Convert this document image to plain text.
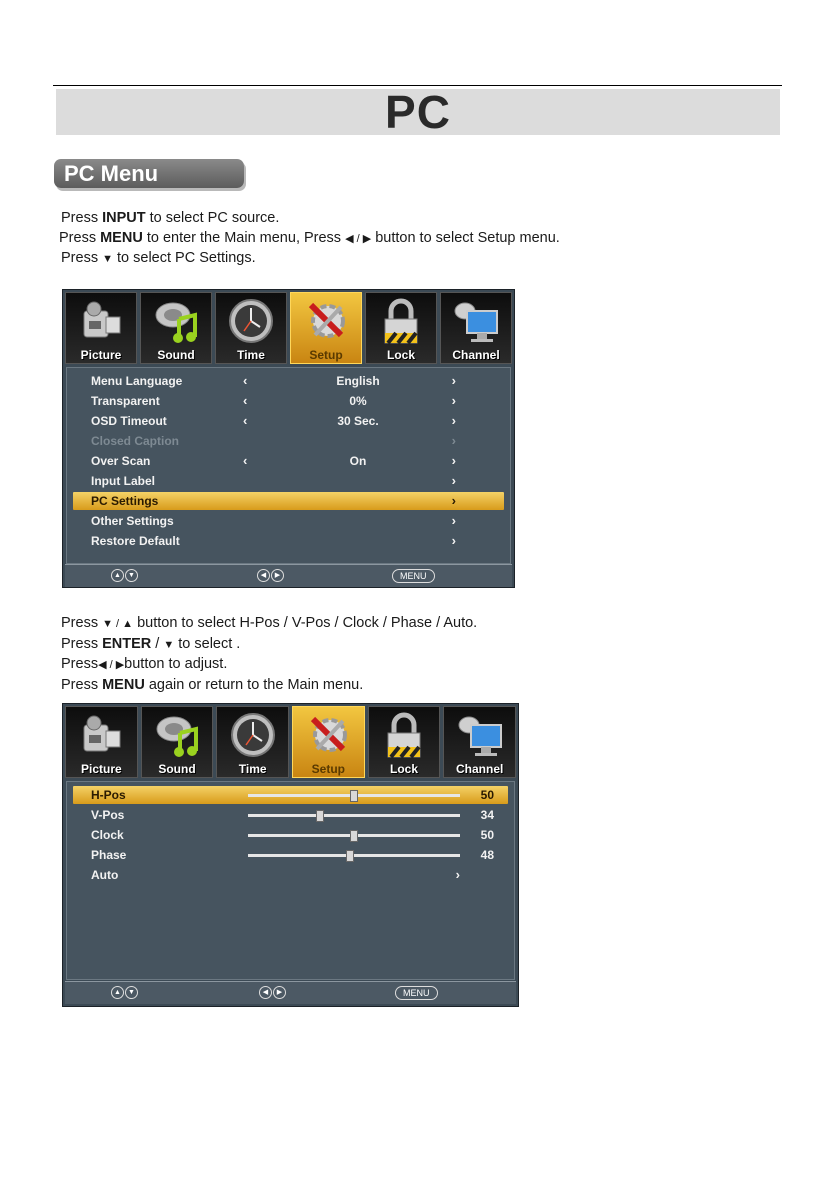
PC
PC Menu

Press INPUT to select PC source.

Press MENU to enter the Main menu, Press ◀ / ▶ button to select Setup menu.

Press ▼ to select PC Settings.

Picture	Sound	Time	Setup	Lock	Channel
Menu Language	‹	English	›
Transparent	‹	0%	›
OSD Timeout	‹	30 Sec.	›
Closed Caption	›
Over Scan	‹	On	›
Input Label	›
PC Settings	›
Other Settings	›
Restore Default	›
▲ ▼	◀ ▶	MENU

Press ▼ / ▲ button to select H-Pos / V-Pos / Clock / Phase / Auto.

Press ENTER / ▼ to select .

Press◀ / ▶button to adjust.

Press MENU again or return to the Main menu.

Picture	Sound	Time	Setup	Lock	Channel
H-Pos	50
V-Pos	34
Clock	50
Phase	48
Auto	›
▲ ▼	◀ ▶	MENU
